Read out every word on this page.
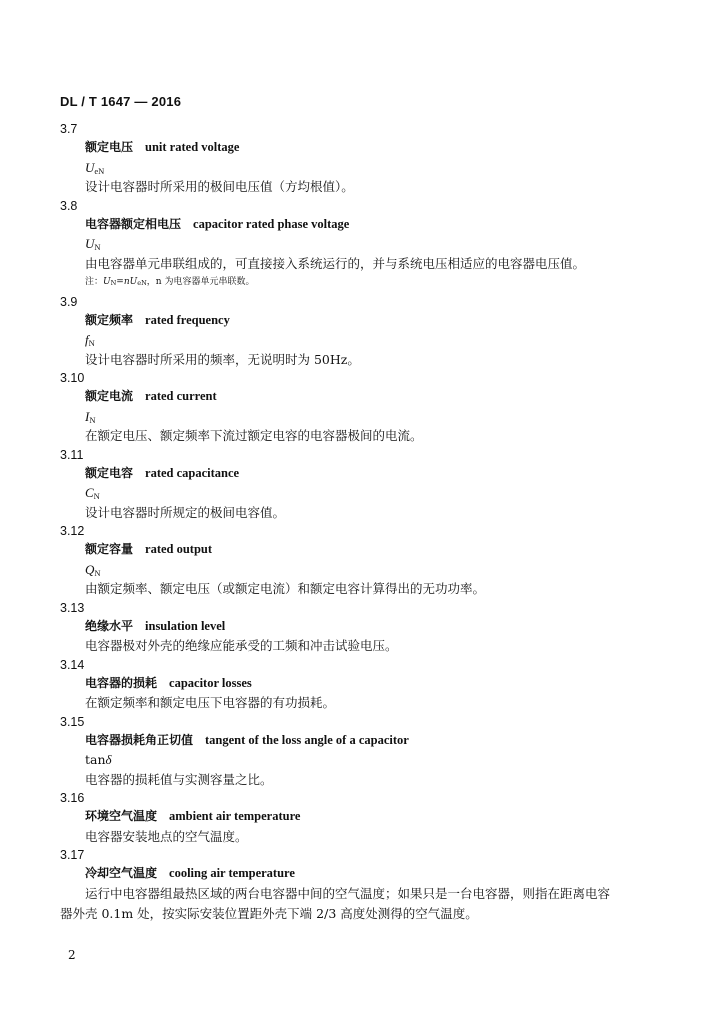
DL / T 1647 — 2016
3.7
额定电压 unit rated voltage
$U_{eN}$
设计电容器时所采用的极间电压值（方均根值）。
3.8
电容器额定相电压 capacitor rated phase voltage
$U_N$
由电容器单元串联组成的，可直接接入系统运行的，并与系统电压相适应的电容器电压值。
注：$U_N=nU_{eN}$，n 为电容器单元串联数。
3.9
额定频率 rated frequency
$f_N$
设计电容器时所采用的频率，无说明时为 50Hz。
3.10
额定电流 rated current
$I_N$
在额定电压、额定频率下流过额定电容的电容器极间的电流。
3.11
额定电容 rated capacitance
$C_N$
设计电容器时所规定的极间电容值。
3.12
额定容量 rated output
$Q_N$
由额定频率、额定电压（或额定电流）和额定电容计算得出的无功功率。
3.13
绝缘水平 insulation level
电容器极对外壳的绝缘应能承受的工频和冲击试验电压。
3.14
电容器的损耗 capacitor losses
在额定频率和额定电压下电容器的有功损耗。
3.15
电容器损耗角正切值 tangent of the loss angle of a capacitor
tanδ
电容器的损耗值与实测容量之比。
3.16
环境空气温度 ambient air temperature
电容器安装地点的空气温度。
3.17
冷却空气温度 cooling air temperature
运行中电容器组最热区域的两台电容器中间的空气温度；如果只是一台电容器，则指在距离电容
器外壳 0.1m 处，按实际安装位置距外壳下端 2/3 高度处测得的空气温度。
2
